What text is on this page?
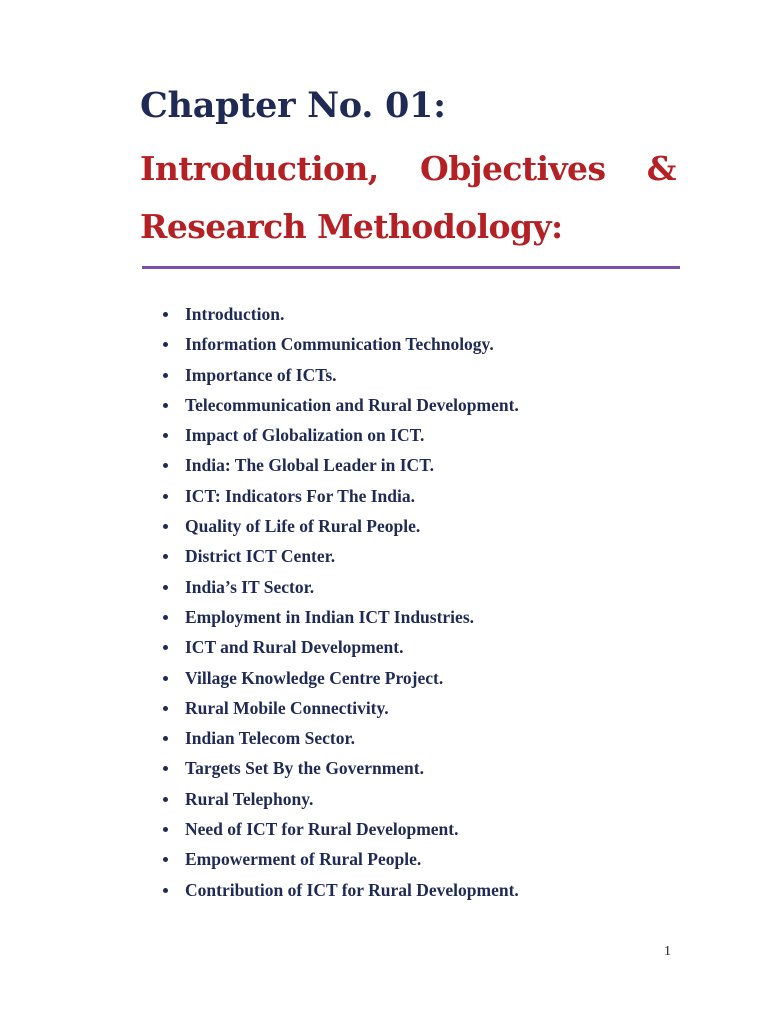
Chapter No. 01:
Introduction, Objectives &
Research Methodology:
Introduction.
Information Communication Technology.
Importance of ICTs.
Telecommunication and Rural Development.
Impact of Globalization on ICT.
India: The Global Leader in ICT.
ICT: Indicators For The India.
Quality of Life of Rural People.
District ICT Center.
India’s IT Sector.
Employment in Indian ICT Industries.
ICT and Rural Development.
Village Knowledge Centre Project.
Rural Mobile Connectivity.
Indian Telecom Sector.
Targets Set By the Government.
Rural Telephony.
Need of ICT for Rural Development.
Empowerment of Rural People.
Contribution of ICT for Rural Development.
1
